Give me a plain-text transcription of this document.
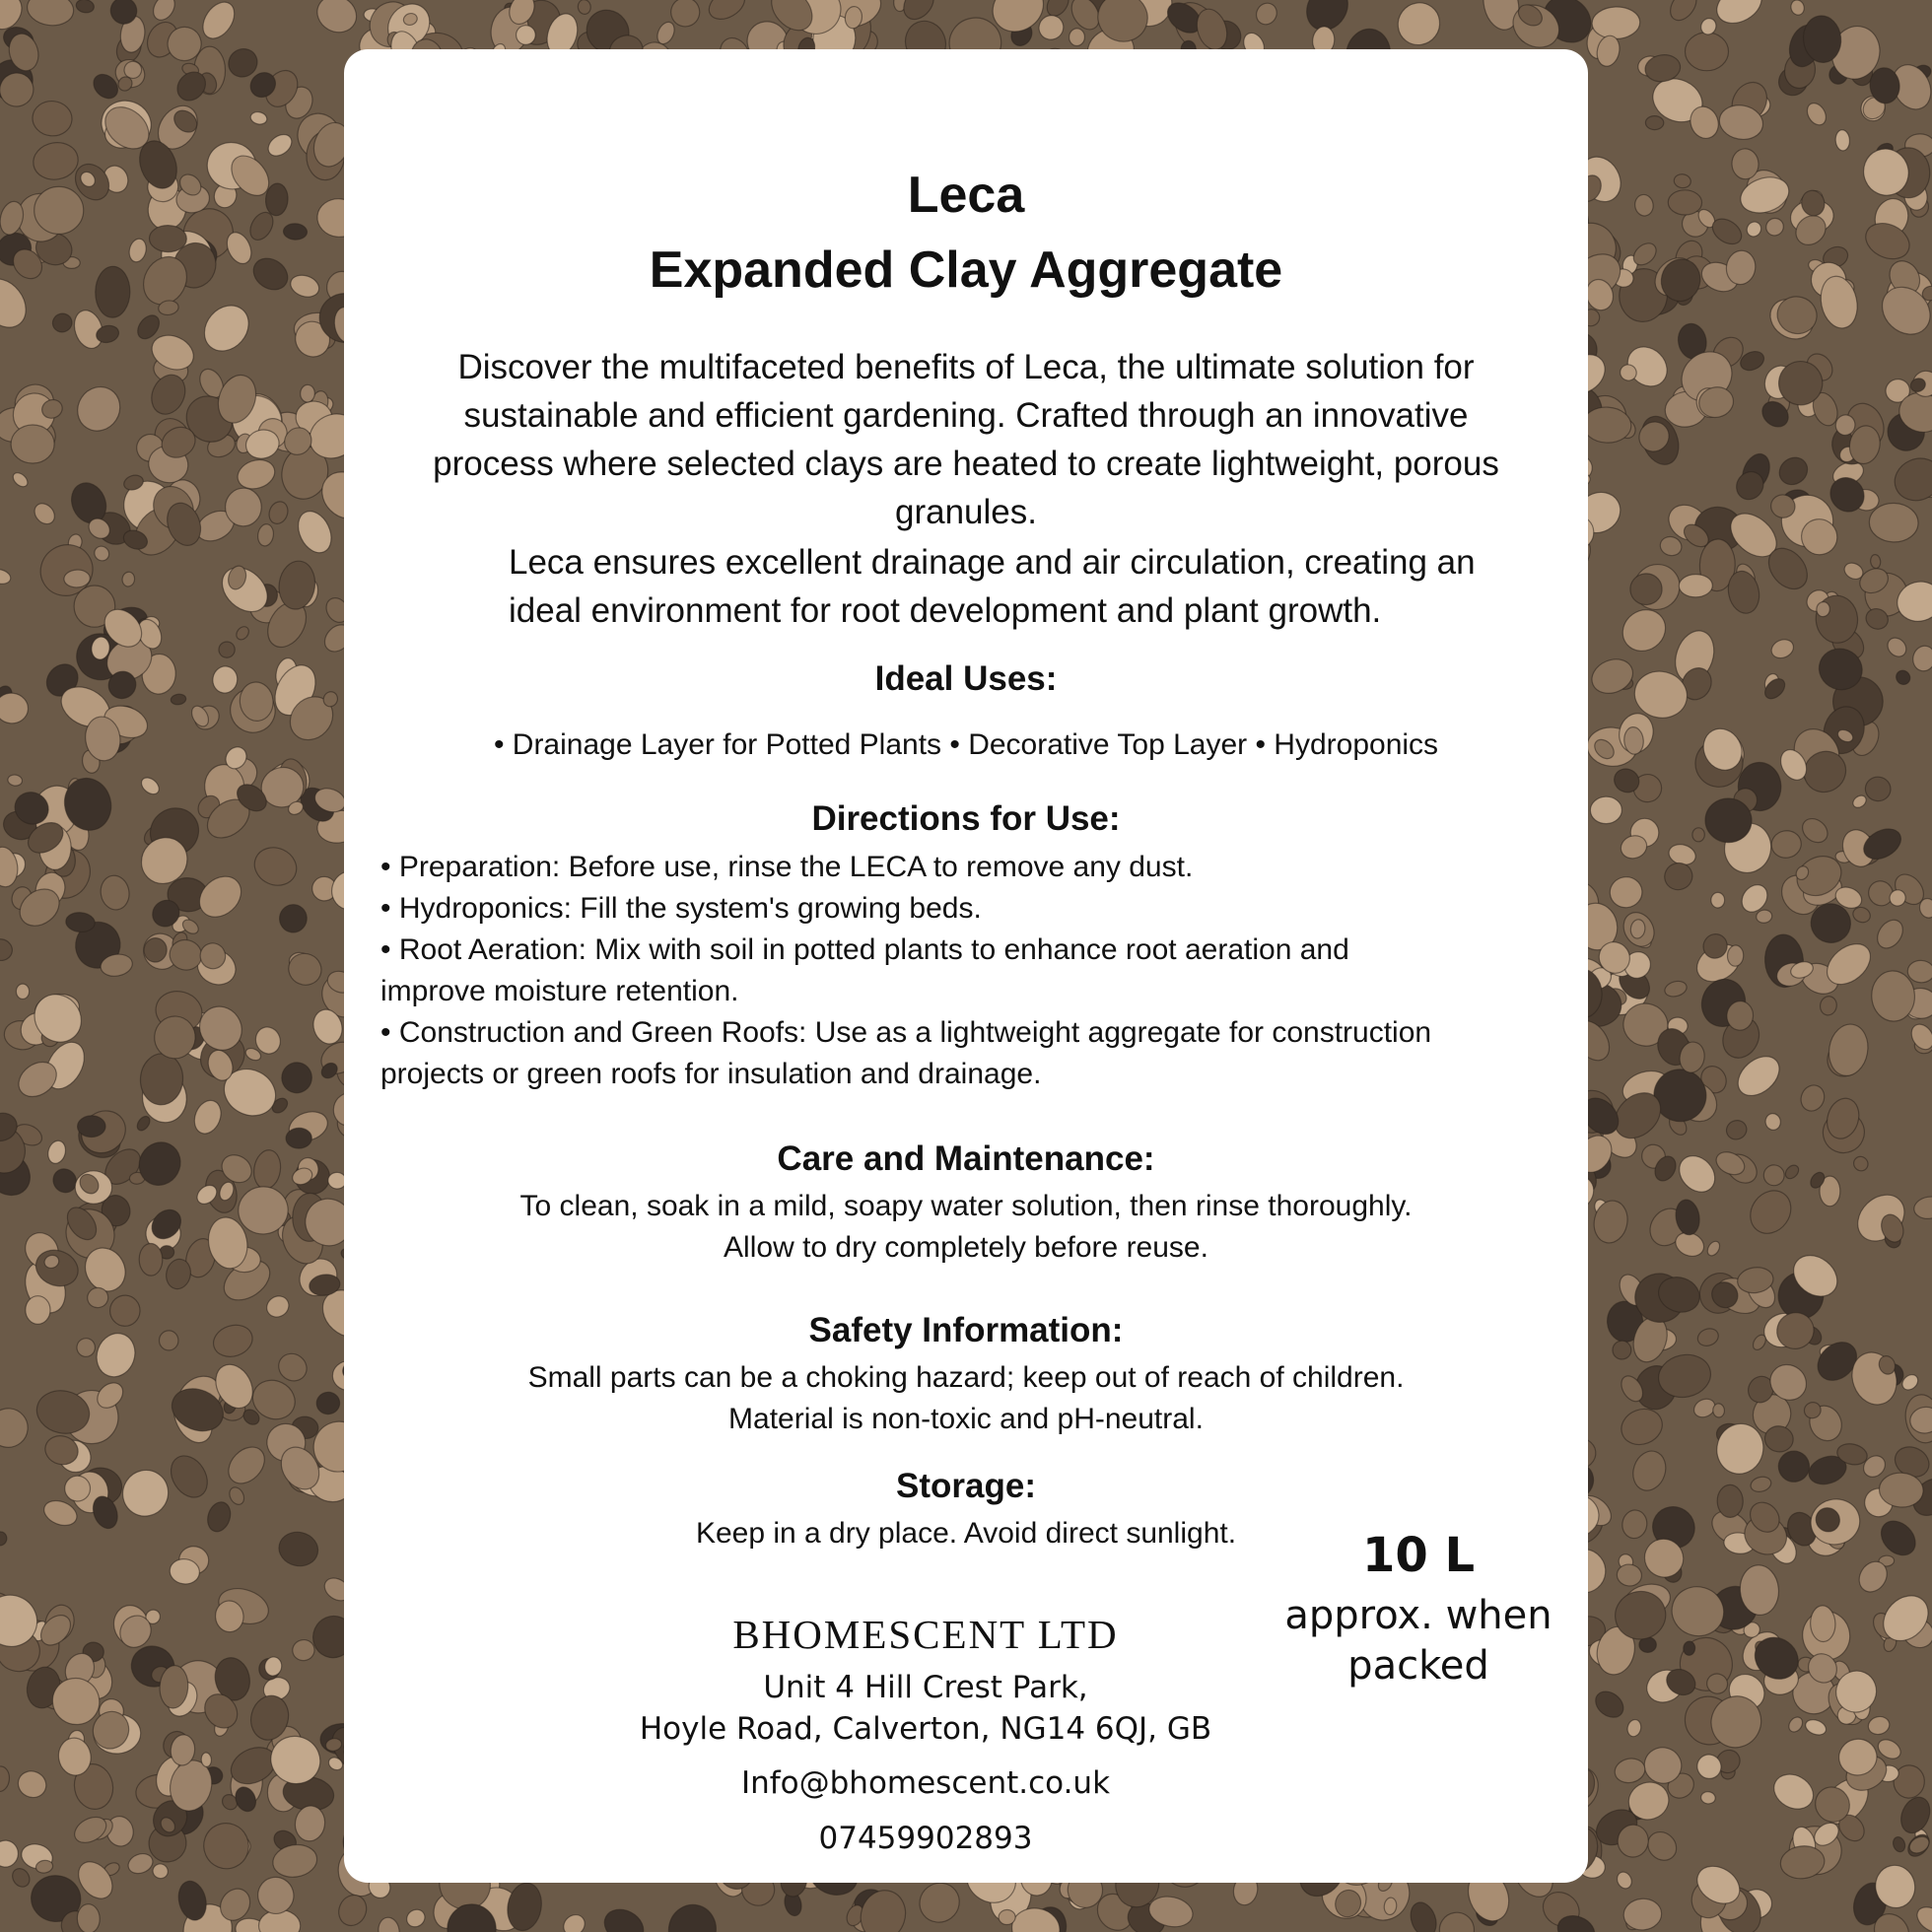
Leca
Expanded Clay Aggregate
Discover the multifaceted benefits of Leca, the ultimate solution for
sustainable and efficient gardening. Crafted through an innovative
process where selected clays are heated to create lightweight, porous
granules.
Leca ensures excellent drainage and air circulation, creating an
ideal environment for root development and plant growth.
Ideal Uses:
• Drainage Layer for Potted Plants • Decorative Top Layer • Hydroponics
Directions for Use:
• Preparation: Before use, rinse the LECA to remove any dust.
• Hydroponics: Fill the system's growing beds.
• Root Aeration: Mix with soil in potted plants to enhance root aeration and
improve moisture retention.
• Construction and Green Roofs: Use as a lightweight aggregate for construction
projects or green roofs for insulation and drainage.
Care and Maintenance:
To clean, soak in a mild, soapy water solution, then rinse thoroughly.
Allow to dry completely before reuse.
Safety Information:
Small parts can be a choking hazard; keep out of reach of children.
Material is non-toxic and pH-neutral.
Storage:
Keep in a dry place. Avoid direct sunlight.
BHOMESCENT LTD
Unit 4 Hill Crest Park,
Hoyle Road, Calverton, NG14 6QJ, GB
Info@bhomescent.co.uk
07459902893
10 L
approx. when
packed
